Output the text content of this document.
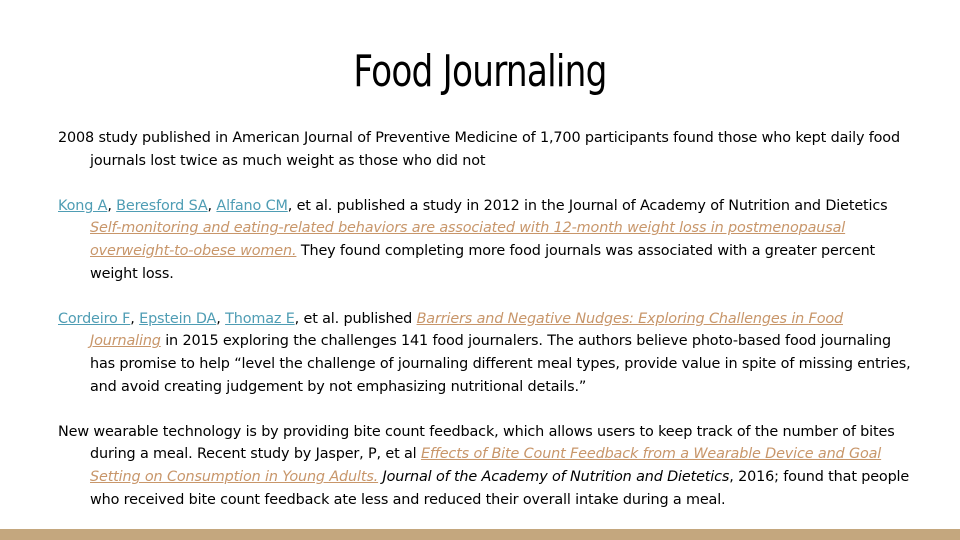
Food Journaling

2008 study published in American Journal of Preventive Medicine of 1,700 participants found those who kept daily food journals lost twice as much weight as those who did not

Kong A, Beresford SA, Alfano CM, et al. published a study in 2012 in the Journal of Academy of Nutrition and Dietetics Self-monitoring and eating-related behaviors are associated with 12-month weight loss in postmenopausal overweight-to-obese women. They found completing more food journals was associated with a greater percent weight loss.

Cordeiro F, Epstein DA, Thomaz E, et al. published Barriers and Negative Nudges: Exploring Challenges in Food Journaling in 2015 exploring the challenges 141 food journalers. The authors believe photo-based food journaling has promise to help “level the challenge of journaling different meal types, provide value in spite of missing entries, and avoid creating judgement by not emphasizing nutritional details.”

New wearable technology is by providing bite count feedback, which allows users to keep track of the number of bites during a meal. Recent study by Jasper, P, et al Effects of Bite Count Feedback from a Wearable Device and Goal Setting on Consumption in Young Adults. Journal of the Academy of Nutrition and Dietetics, 2016; found that people who received bite count feedback ate less and reduced their overall intake during a meal.
